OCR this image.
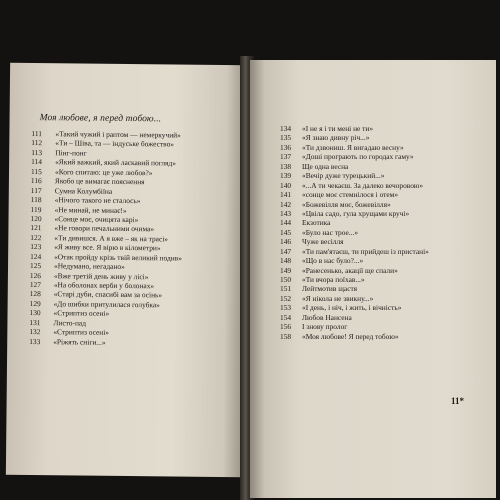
Моя любове, я перед тобою...
111	«Такий чужий і раптом — немеркучий»
112	«Ти – Шіва, та — індуське божество»
113	Пінг-понг
114	«Який важкий, який ласкавий погляд»
115	«Кого спитаю: це уже любов?»
116	Якобо це вимагає пояснення
117	Сумна Колумбіїна
118	«Нічого такого не сталось»
119	«Не минай, не минає!»
120	«Сонце моє, очицята карі»
121	«Не говори печальними очима»
122	«Ти дивишся. А я вже – як на трасі»
123	«Я живу все. Я вірю в кілометри»
124	«Отак пройду крізь твій великий подив»
125	«Недумано, негадано»
126	«Вже третій день живу у лісі»
127	«На оболонах верби у болонах»
128	«Старі дуби, спасибі вам за осінь»
129	«До шибки притулилася голубка»
130	«Стриптиз осені»
131	Листо-пад
132	«Стриптиз осені»
133	«Ріжять сніги...»
134	«І не я і ти мені не ти»
135	«Я знаю дивну річ...»
136	«Ти дзвониш. Я вигадаю весну»
137	«Доші програють по городах гаму»
138	Ще одна весна
139	«Вечір дуже турецький...»
140	«...А ти чекаєш. За далеко вечоровою»
141	«сонце моє стемнілося і отем»
142	«Божевілля моє, божевілля»
143	«Цвіла садо, гула хрущами кручi»
144	Екзотика
145	«Було нас трое...»
146	Чуже весілля
147	«Ти пам'ятаєш, ти прийдеш із пристані»
148	«Що в нас було?...»
149	«Ранесенько, акації ще спали»
150	«Ти вчора поїхав...»
151	Лейтмотив щастя
152	«Я нікола не звикну...»
153	«І день, і ніч, і жить, і вічність»
154	Любов Нансена
156	І знову пролог
158	«Моя любове! Я перед тобою»
11*
